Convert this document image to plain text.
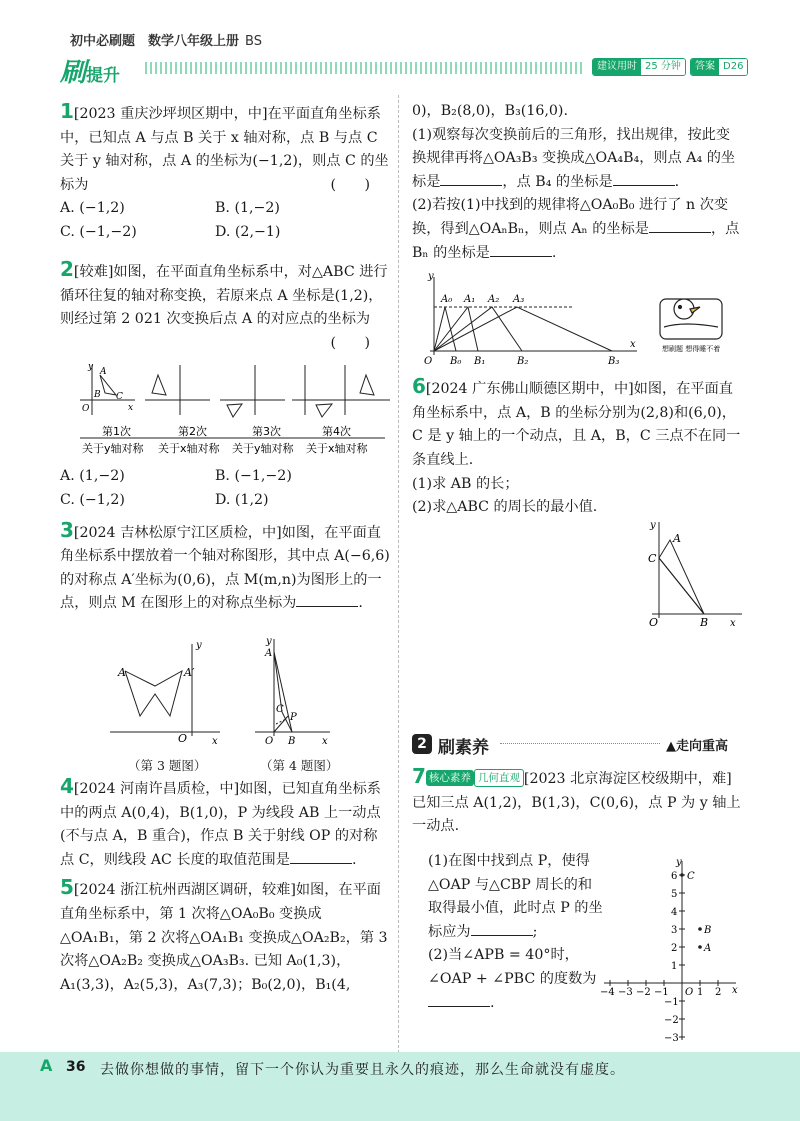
初中必刷题　数学八年级上册 BS
刷提升	建议用时 25 分钟	答案 D26

1[2023 重庆沙坪坝区期中，中]在平面直角坐标系中，已知点 A 与点 B 关于 x 轴对称，点 B 与点 C 关于 y 轴对称，点 A 的坐标为(−1,2)，则点 C 的坐标为	(　　)

A. (−1,2)	B. (1,−2)
C. (−1,−2)	D. (2,−1)

2[较难]如图，在平面直角坐标系中，对△ABC 进行循环往复的轴对称变换，若原来点 A 坐标是(1,2)，则经过第 2 021 次变换后点 A 的对应点的坐标为
(　　)

y A
B C
O	x
第1次	第2次	第3次	第4次
关于y轴对称 关于x轴对称 关于y轴对称 关于x轴对称
A. (1,−2)	B. (−1,−2)
C. (−1,2)	D. (1,2)

3[2024 吉林松原宁江区质检，中]如图，在平面直角坐标系中摆放着一个轴对称图形，其中点 A(−6,6)的对称点 A′坐标为(0,6)，点 M(m,n)为图形上的一点，则点 M 在图形上的对称点坐标为	.

A	A′
O
y
x
y
A
C
P
O B	x
（第 3 题图）	（第 4 题图）

4[2024 河南许昌质检，中]如图，已知直角坐标系中的两点 A(0,4)，B(1,0)，P 为线段 AB 上一动点(不与点 A，B 重合)，作点 B 关于射线 OP 的对称点 C，则线段 AC 长度的取值范围是	.

5[2024 浙江杭州西湖区调研，较难]如图，在平面直角坐标系中，第 1 次将△OA₀B₀ 变换成△OA₁B₁，第 2 次将△OA₁B₁ 变换成△OA₂B₂，第 3 次将△OA₂B₂ 变换成△OA₃B₃. 已知 A₀(1,3)，A₁(3,3)，A₂(5,3)，A₃(7,3)；B₀(2,0)，B₁(4,

0)，B₂(8,0)，B₃(16,0).

(1)观察每次变换前后的三角形，找出规律，按此变换规律再将△OA₃B₃ 变换成△OA₄B₄，则点 A₄ 的坐标是	，点 B₄ 的坐标是	.

(2)若按(1)中找到的规律将△OA₀B₀ 进行了 n 次变换，得到△OAₙBₙ，则点 Aₙ 的坐标是	，点 Bₙ 的坐标是	.

y
A₀ A₁ A₂ A₃
O B₀ B₁	B₂	B₃
x	想刷题 想得睡不着

6[2024 广东佛山顺德区期中，中]如图，在平面直角坐标系中，点 A，B 的坐标分别为(2,8)和(6,0)，C 是 y 轴上的一个动点，且 A，B，C 三点不在同一条直线上.

(1)求 AB 的长；

(2)求△ABC 的周长的最小值.

y
A
C
O	B x
2 刷素养	▲走向重高

7 核心素养 几何直观 [2023 北京海淀区校级期中，难]已知三点 A(1,2)，B(1,3)，C(0,6)，点 P 为 y 轴上一动点.

(1)在图中找到点 P，使得△OAP 与△CBP 周长的和取得最小值，此时点 P 的坐标应为	;

(2)当∠APB = 40°时，∠OAP + ∠PBC 的度数为.

y
C
B
A
6
5
4
3
2
1
O
−1
−2
−3
−4 −3 −2 −1	1 2 x
A 36 去做你想做的事情，留下一个你认为重要且永久的痕迹，那么生命就没有虚度。
